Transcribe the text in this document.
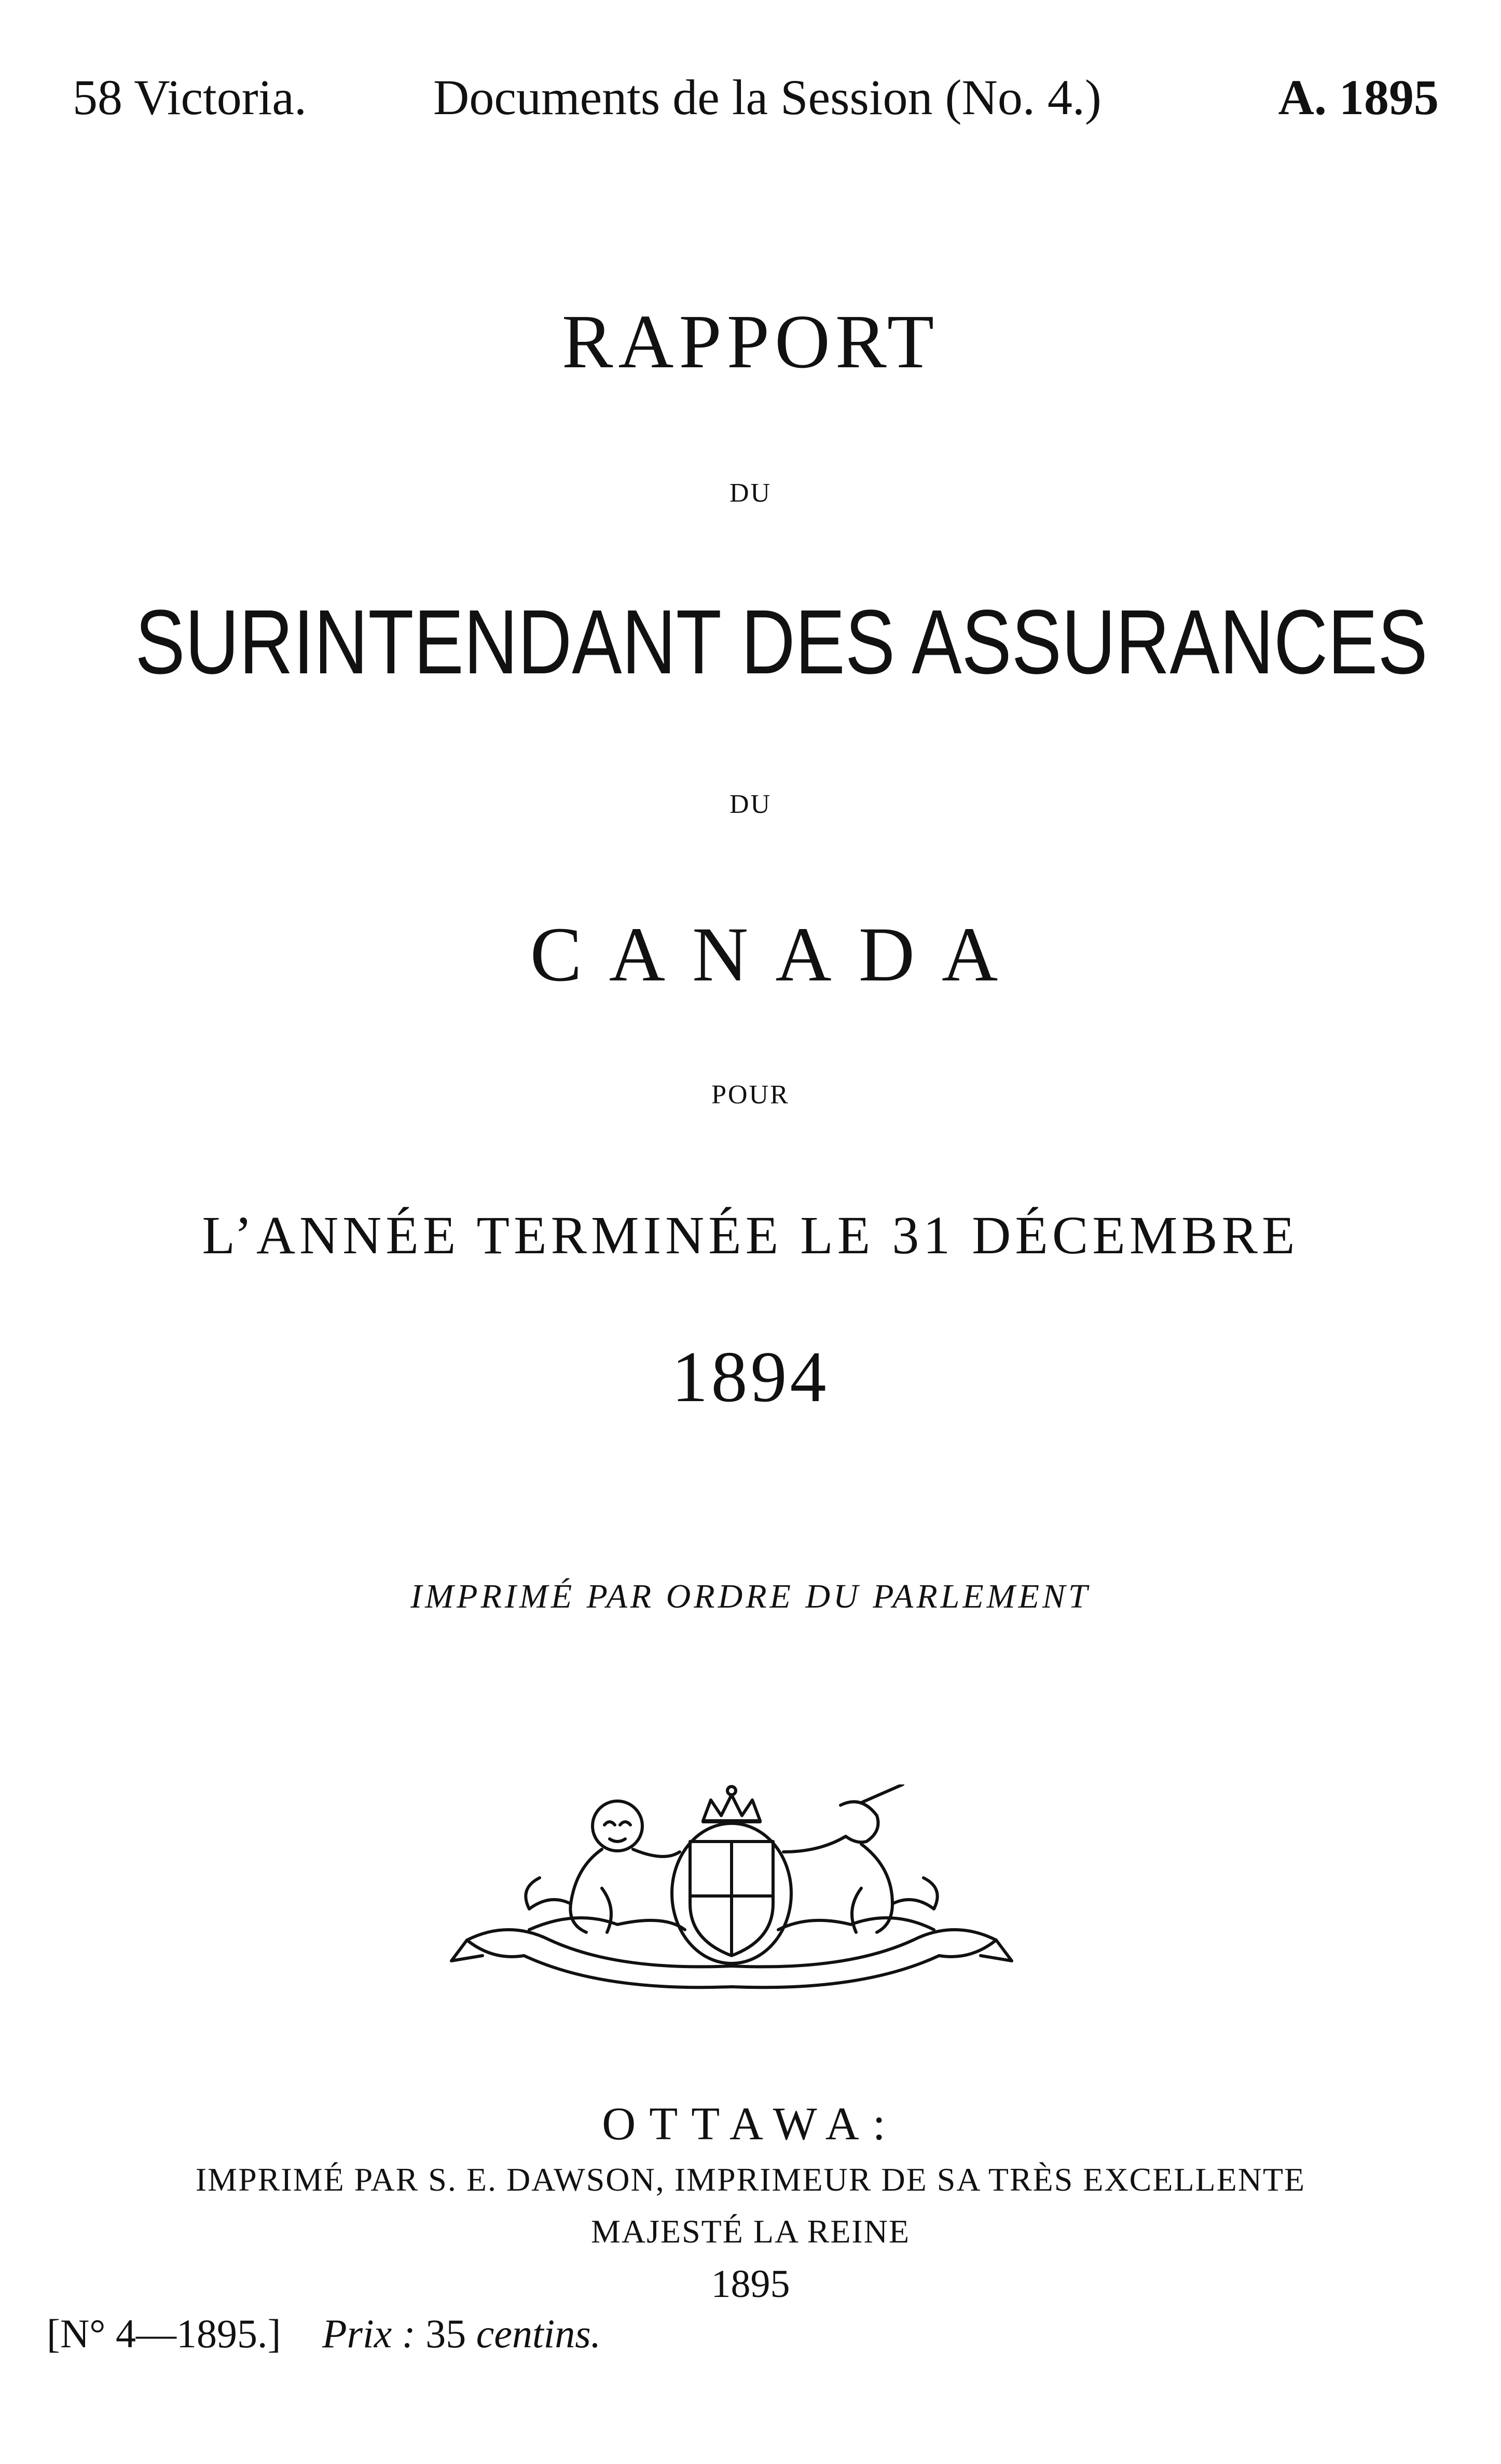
58 Victoria.	Documents de la Session (No. 4.)	A. 1895
RAPPORT
DU
SURINTENDANT DES ASSURANCES
DU
CANADA
POUR
L’ANNÉE TERMINÉE LE 31 DÉCEMBRE
1894
IMPRIMÉ PAR ORDRE DU PARLEMENT
OTTAWA:
IMPRIMÉ PAR S. E. DAWSON, IMPRIMEUR DE SA TRÈS EXCELLENTE
MAJESTÉ LA REINE
1895
[N° 4—1895.] Prix : 35 centins.
